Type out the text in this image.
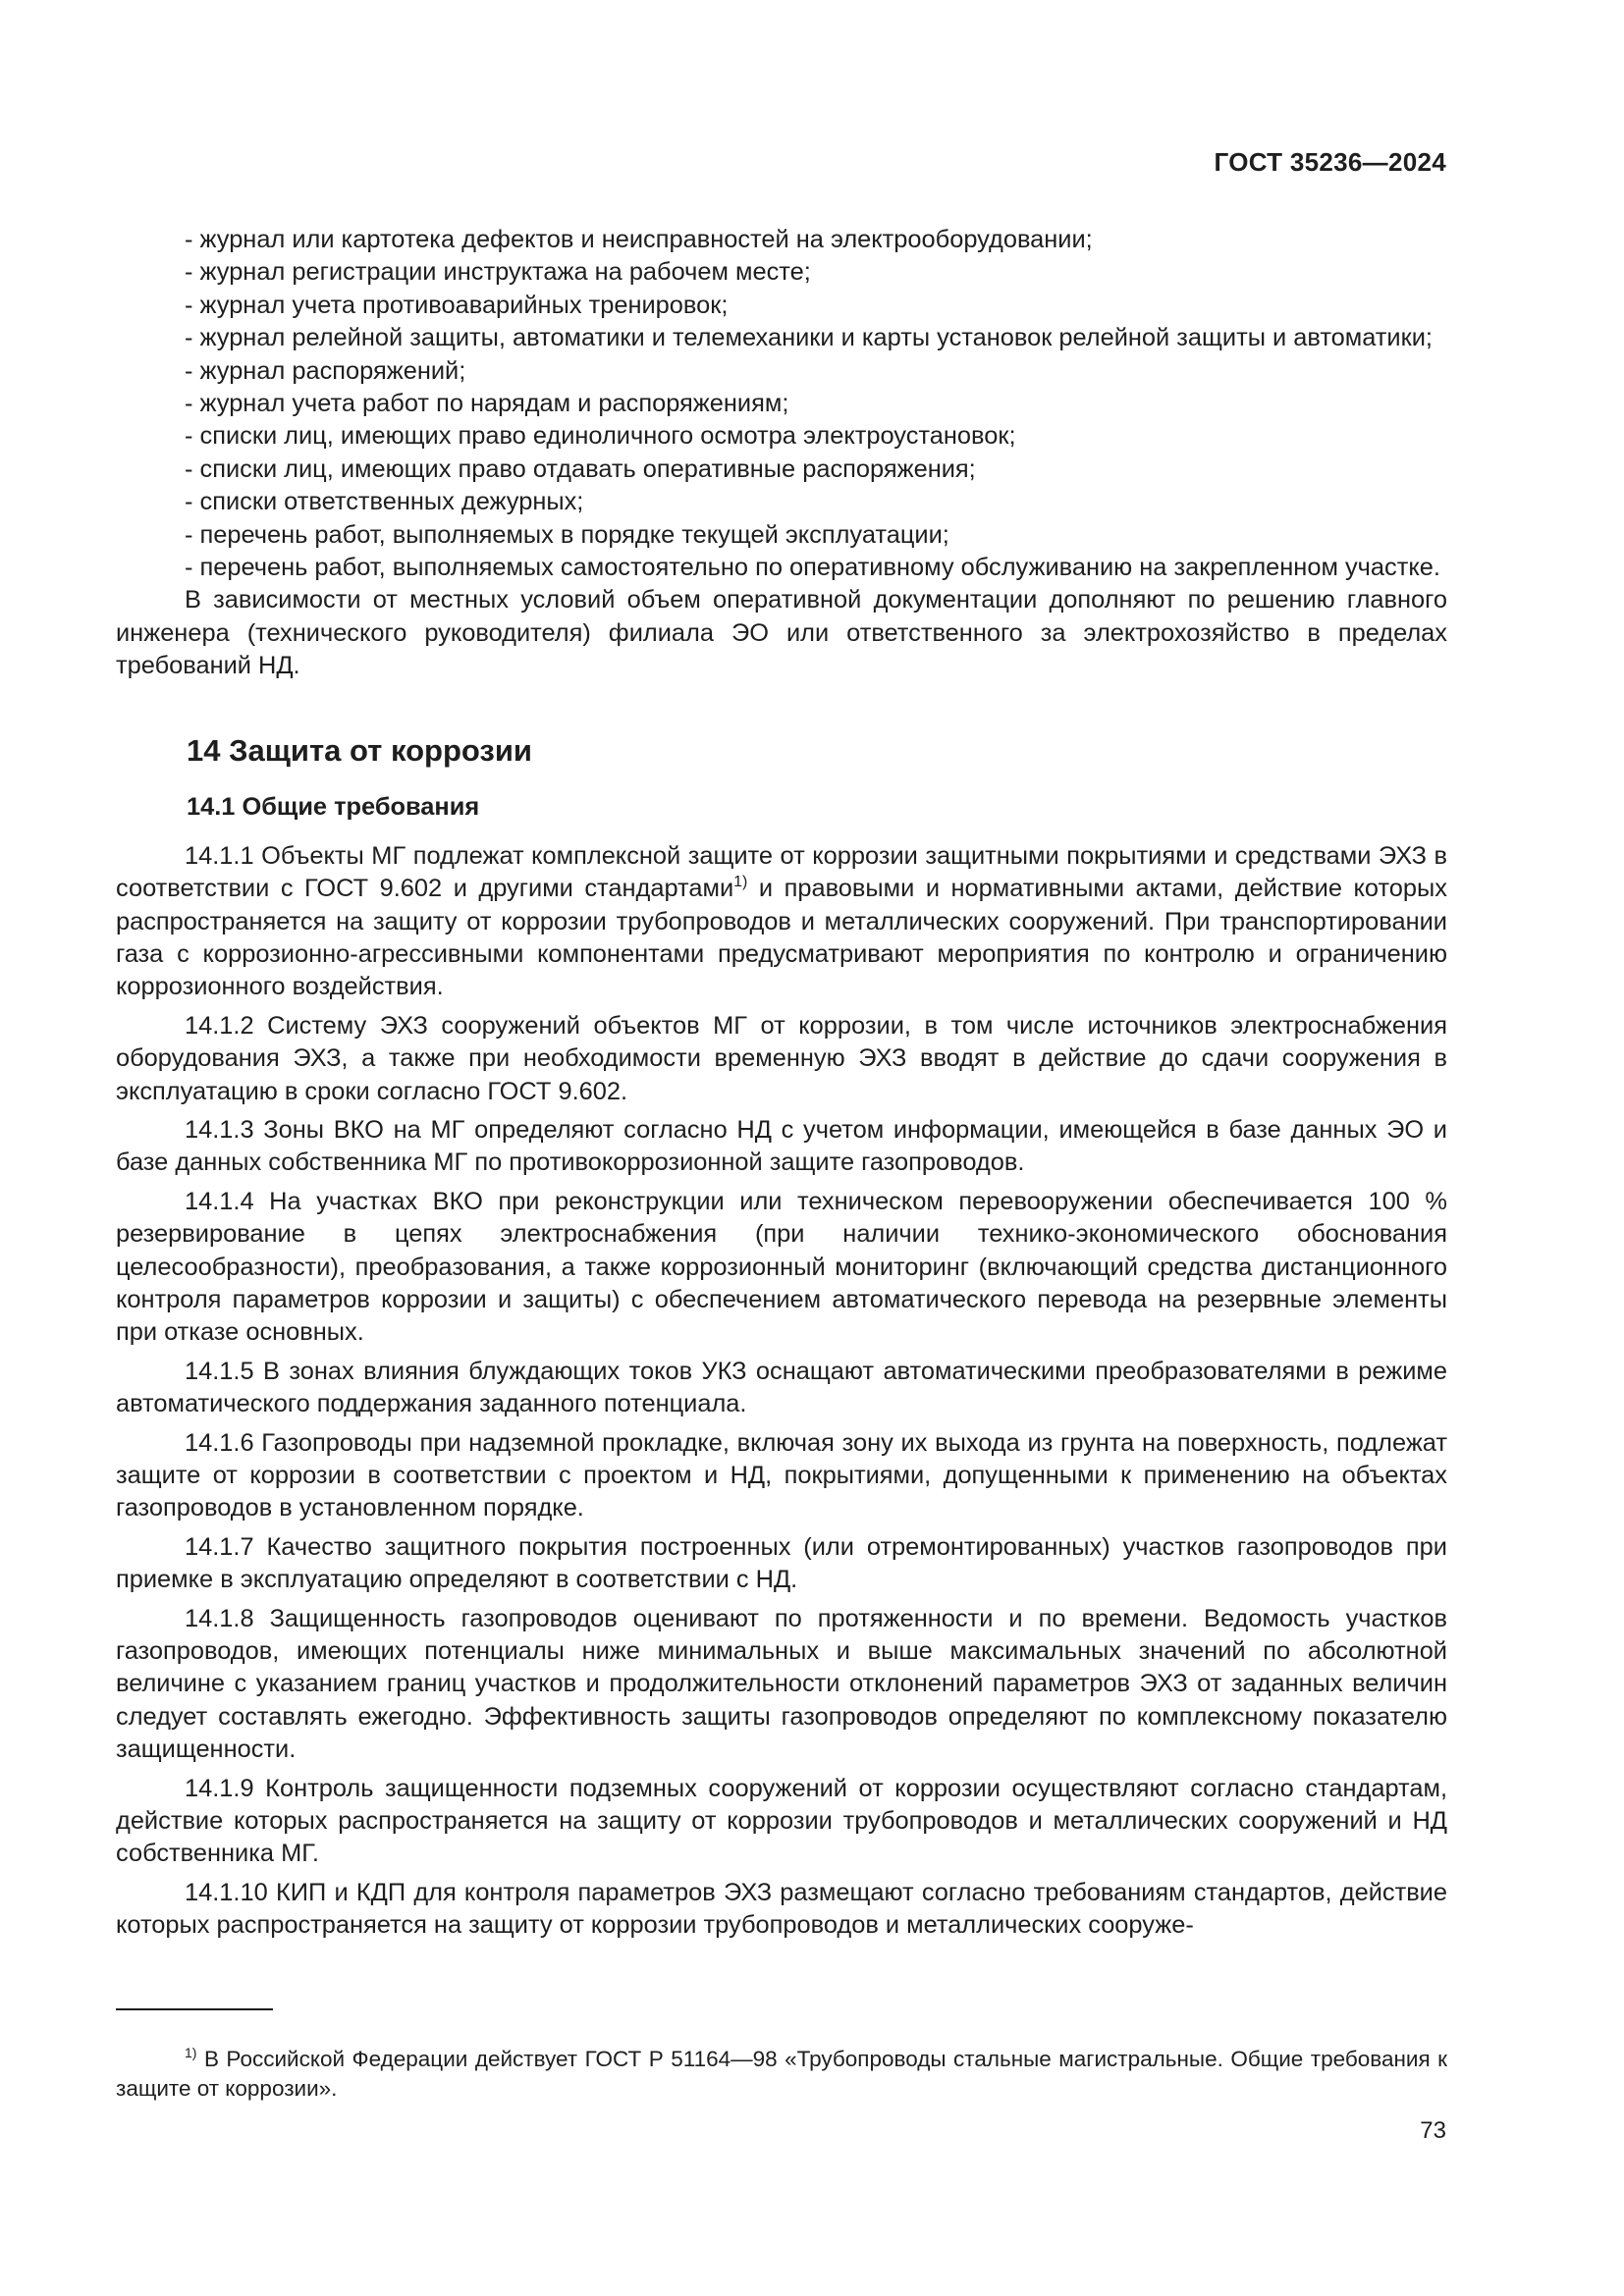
ГОСТ 35236—2024

- журнал или картотека дефектов и неисправностей на электрооборудовании;

- журнал регистрации инструктажа на рабочем месте;

- журнал учета противоаварийных тренировок;

- журнал релейной защиты, автоматики и телемеханики и карты установок релейной защиты и автоматики;

- журнал распоряжений;

- журнал учета работ по нарядам и распоряжениям;

- списки лиц, имеющих право единоличного осмотра электроустановок;

- списки лиц, имеющих право отдавать оперативные распоряжения;

- списки ответственных дежурных;

- перечень работ, выполняемых в порядке текущей эксплуатации;

- перечень работ, выполняемых самостоятельно по оперативному обслуживанию на закрепленном участке.

В зависимости от местных условий объем оперативной документации дополняют по решению главного инженера (технического руководителя) филиала ЭО или ответственного за электрохозяйство в пределах требований НД.

14 Защита от коррозии
14.1 Общие требования

14.1.1 Объекты МГ подлежат комплексной защите от коррозии защитными покрытиями и средствами ЭХЗ в соответствии с ГОСТ 9.602 и другими стандартами$^{1)}$ и правовыми и нормативными актами, действие которых распространяется на защиту от коррозии трубопроводов и металлических сооружений. При транспортировании газа с коррозионно-агрессивными компонентами предусматривают мероприятия по контролю и ограничению коррозионного воздействия.

14.1.2 Систему ЭХЗ сооружений объектов МГ от коррозии, в том числе источников электроснабжения оборудования ЭХЗ, а также при необходимости временную ЭХЗ вводят в действие до сдачи сооружения в эксплуатацию в сроки согласно ГОСТ 9.602.

14.1.3 Зоны ВКО на МГ определяют согласно НД с учетом информации, имеющейся в базе данных ЭО и базе данных собственника МГ по противокоррозионной защите газопроводов.

14.1.4 На участках ВКО при реконструкции или техническом перевооружении обеспечивается 100 % резервирование в цепях электроснабжения (при наличии технико-экономического обоснования целесообразности), преобразования, а также коррозионный мониторинг (включающий средства дистанционного контроля параметров коррозии и защиты) с обеспечением автоматического перевода на резервные элементы при отказе основных.

14.1.5 В зонах влияния блуждающих токов УКЗ оснащают автоматическими преобразователями в режиме автоматического поддержания заданного потенциала.

14.1.6 Газопроводы при надземной прокладке, включая зону их выхода из грунта на поверхность, подлежат защите от коррозии в соответствии с проектом и НД, покрытиями, допущенными к применению на объектах газопроводов в установленном порядке.

14.1.7 Качество защитного покрытия построенных (или отремонтированных) участков газопроводов при приемке в эксплуатацию определяют в соответствии с НД.

14.1.8 Защищенность газопроводов оценивают по протяженности и по времени. Ведомость участков газопроводов, имеющих потенциалы ниже минимальных и выше максимальных значений по абсолютной величине с указанием границ участков и продолжительности отклонений параметров ЭХЗ от заданных величин следует составлять ежегодно. Эффективность защиты газопроводов определяют по комплексному показателю защищенности.

14.1.9 Контроль защищенности подземных сооружений от коррозии осуществляют согласно стандартам, действие которых распространяется на защиту от коррозии трубопроводов и металлических сооружений и НД собственника МГ.

14.1.10 КИП и КДП для контроля параметров ЭХЗ размещают согласно требованиям стандартов, действие которых распространяется на защиту от коррозии трубопроводов и металлических сооруже-

$^{1)}$ В Российской Федерации действует ГОСТ Р 51164—98 «Трубопроводы стальные магистральные. Общие требования к защите от коррозии».

73
